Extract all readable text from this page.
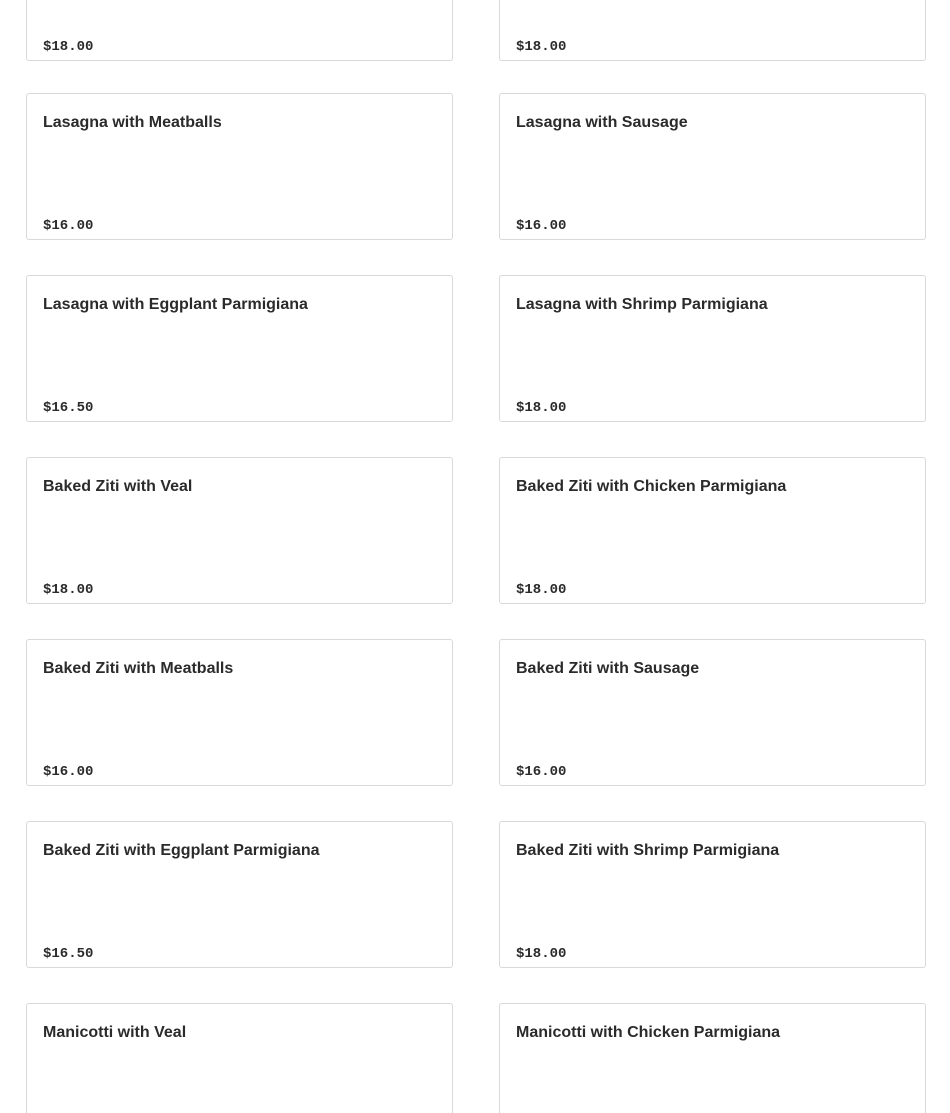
$18.00	$18.00
Lasagna with Meatballs
$16.00
Lasagna with Sausage
$16.00
Lasagna with Eggplant Parmigiana
$16.50
Lasagna with Shrimp Parmigiana
$18.00
Baked Ziti with Veal
$18.00
Baked Ziti with Chicken Parmigiana
$18.00
Baked Ziti with Meatballs
$16.00
Baked Ziti with Sausage
$16.00
Baked Ziti with Eggplant Parmigiana
$16.50
Baked Ziti with Shrimp Parmigiana
$18.00
Manicotti with Veal	Manicotti with Chicken Parmigiana
